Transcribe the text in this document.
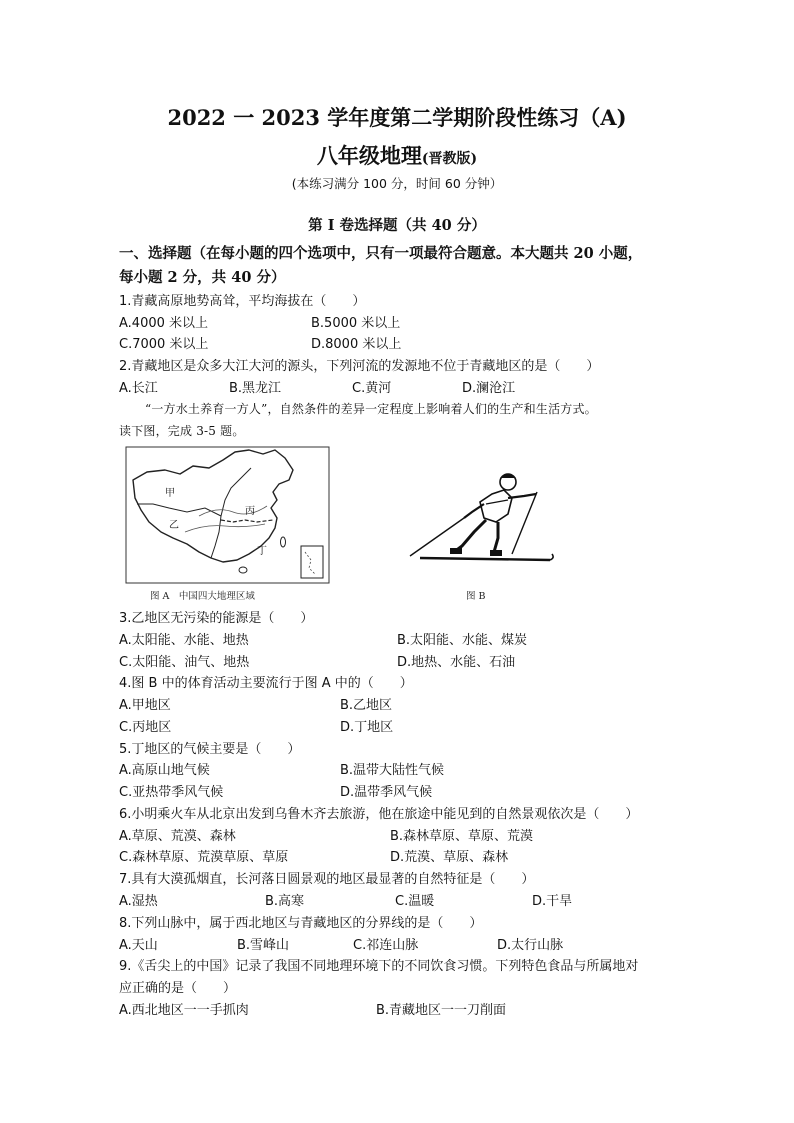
2022 一 2023 学年度第二学期阶段性练习（A)
八年级地理(晋教版)
(本练习满分 100 分，时间 60 分钟）
第 I 卷选择题（共 40 分）
一、选择题（在每小题的四个选项中，只有一项最符合题意。本大题共 20 小题，
每小题 2 分，共 40 分）
1.青藏高原地势高耸，平均海拔在（　　）
A.4000 米以上	B.5000 米以上
C.7000 米以上	D.8000 米以上
2.青藏地区是众多大江大河的源头，下列河流的发源地不位于青藏地区的是（　　）
A.长江	B.黑龙江	C.黄河	D.澜沧江
“一方水土养育一方人”，自然条件的差异一定程度上影响着人们的生产和生活方式。
读下图，完成 3-5 题。
甲
乙
丙
丁
图 A　中国四大地理区域	图 B
3.乙地区无污染的能源是（　　）
A.太阳能、水能、地热	B.太阳能、水能、煤炭
C.太阳能、油气、地热	D.地热、水能、石油
4.图 B 中的体育活动主要流行于图 A 中的（　　）
A.甲地区	B.乙地区
C.丙地区	D.丁地区
5.丁地区的气候主要是（　　）
A.高原山地气候	B.温带大陆性气候
C.亚热带季风气候	D.温带季风气候
6.小明乘火车从北京出发到乌鲁木齐去旅游，他在旅途中能见到的自然景观依次是（　　）
A.草原、荒漠、森林	B.森林草原、草原、荒漠
C.森林草原、荒漠草原、草原	D.荒漠、草原、森林
7.具有大漠孤烟直，长河落日圆景观的地区最显著的自然特征是（　　）
A.湿热	B.高寒	C.温暖	D.干旱
8.下列山脉中，属于西北地区与青藏地区的分界线的是（　　）
A.天山	B.雪峰山	C.祁连山脉	D.太行山脉
9.《舌尖上的中国》记录了我国不同地理环境下的不同饮食习惯。下列特色食品与所属地对
应正确的是（　　）
A.西北地区一一手抓肉	B.青藏地区一一刀削面
